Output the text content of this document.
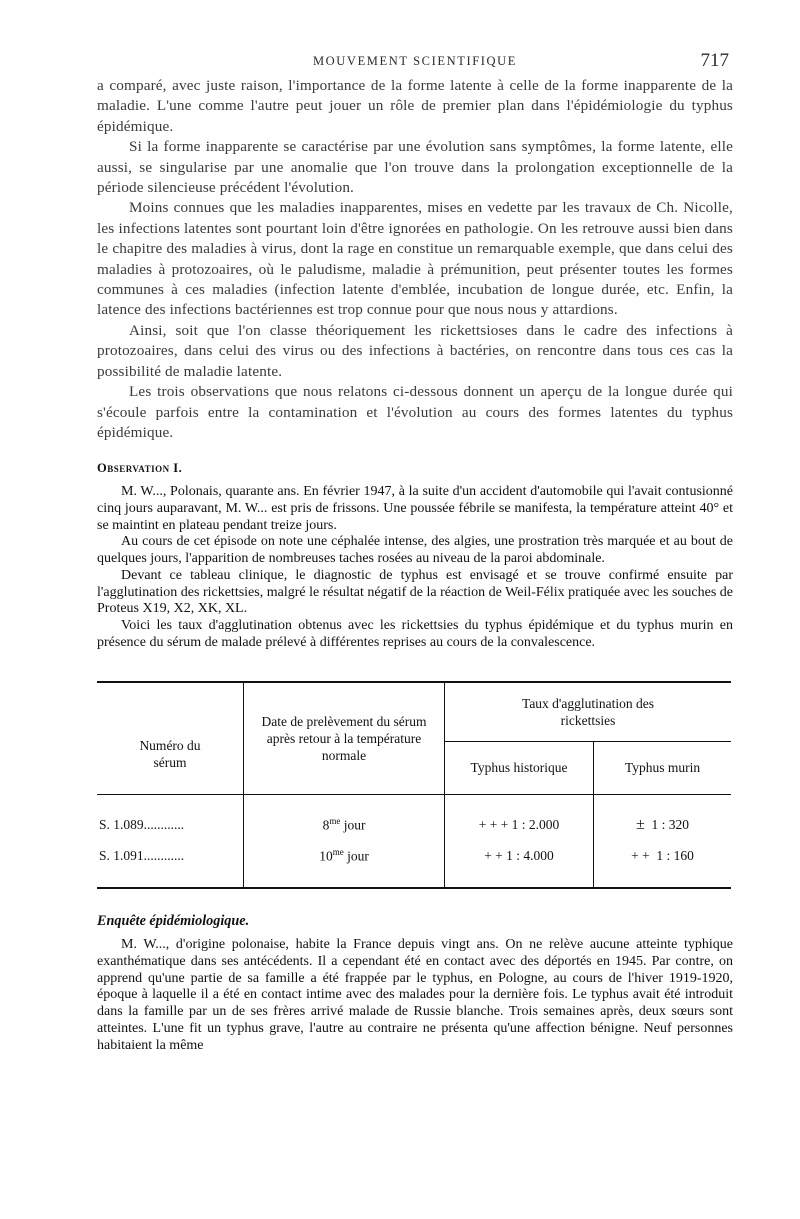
MOUVEMENT SCIENTIFIQUE	717

a comparé, avec juste raison, l'importance de la forme latente à celle de la forme inapparente de la maladie. L'une comme l'autre peut jouer un rôle de premier plan dans l'épidémiologie du typhus épidémique.

Si la forme inapparente se caractérise par une évolution sans symptômes, la forme latente, elle aussi, se singularise par une anomalie que l'on trouve dans la prolongation exceptionnelle de la période silencieuse précédent l'évolution.

Moins connues que les maladies inapparentes, mises en vedette par les travaux de Ch. Nicolle, les infections latentes sont pourtant loin d'être ignorées en pathologie. On les retrouve aussi bien dans le chapitre des maladies à virus, dont la rage en constitue un remarquable exemple, que dans celui des maladies à protozoaires, où le paludisme, maladie à prémunition, peut présenter toutes les formes communes à ces maladies (infection latente d'emblée, incubation de longue durée, etc. Enfin, la latence des infections bactériennes est trop connue pour que nous nous y attardions.

Ainsi, soit que l'on classe théoriquement les rickettsioses dans le cadre des infections à protozoaires, dans celui des virus ou des infections à bactéries, on rencontre dans tous ces cas la possibilité de maladie latente.

Les trois observations que nous relatons ci-dessous donnent un aperçu de la longue durée qui s'écoule parfois entre la contamination et l'évolution au cours des formes latentes du typhus épidémique.

Observation I.

M. W..., Polonais, quarante ans. En février 1947, à la suite d'un accident d'automobile qui l'avait contusionné cinq jours auparavant, M. W... est pris de frissons. Une poussée fébrile se manifesta, la température atteint 40° et se maintint en plateau pendant treize jours.

Au cours de cet épisode on note une céphalée intense, des algies, une prostration très marquée et au bout de quelques jours, l'apparition de nombreuses taches rosées au niveau de la paroi abdominale.

Devant ce tableau clinique, le diagnostic de typhus est envisagé et se trouve confirmé ensuite par l'agglutination des rickettsies, malgré le résultat négatif de la réaction de Weil-Félix pratiquée avec les souches de Proteus X19, X2, XK, XL.

Voici les taux d'agglutination obtenus avec les rickettsies du typhus épidémique et du typhus murin en présence du sérum de malade prélevé à différentes reprises au cours de la convalescence.

Numéro du sérum	Date de prelèvement du sérum après retour à la température normale	Taux d'agglutination des rickettsies	

		Typhus historique	Typhus murin
S. 1.089............	$8^{me}$ jour	+ + + 1 : 2.000	± 1 : 320
S. 1.091............	$10^{me}$ jour	+ + 1 : 4.000	+ + 1 : 160
Enquête épidémiologique.

M. W..., d'origine polonaise, habite la France depuis vingt ans. On ne relève aucune atteinte typhique exanthématique dans ses antécédents. Il a cependant été en contact avec des déportés en 1945. Par contre, on apprend qu'une partie de sa famille a été frappée par le typhus, en Pologne, au cours de l'hiver 1919-1920, époque à laquelle il a été en contact intime avec des malades pour la dernière fois. Le typhus avait été introduit dans la famille par un de ses frères arrivé malade de Russie blanche. Trois semaines après, deux sœurs sont atteintes. L'une fit un typhus grave, l'autre au contraire ne présenta qu'une affection bénigne. Neuf personnes habitaient la même
